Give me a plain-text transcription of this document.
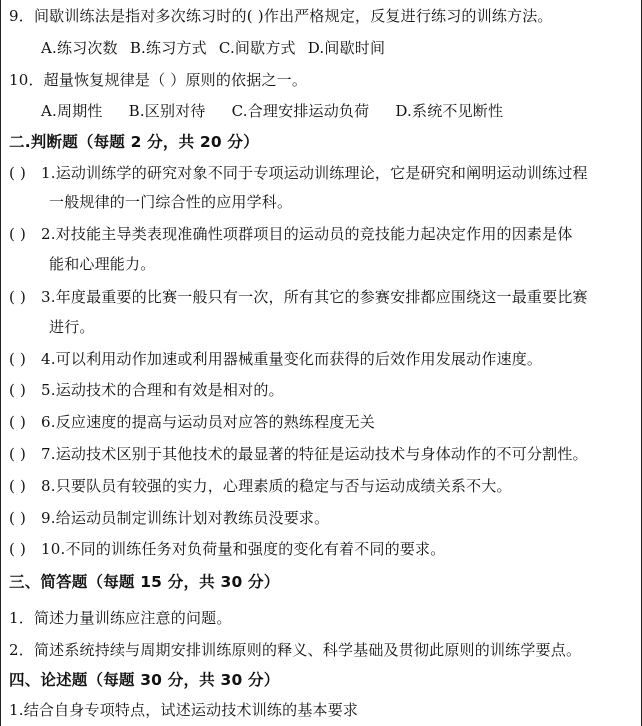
9．间歇训练法是指对多次练习时的( )作出严格规定，反复进行练习的训练方法。
A.练习次数 B.练习方式 C.间歇方式 D.间歇时间
10．超量恢复规律是（ ）原则的依据之一。
A.周期性 B.区别对待 C.合理安排运动负荷 D.系统不见断性
二.判断题（每题 2 分，共 20 分）
( ) 1.运动训练学的研究对象不同于专项运动训练理论，它是研究和阐明运动训练过程
一般规律的一门综合性的应用学科。
( ) 2.对技能主导类表现准确性项群项目的运动员的竞技能力起决定作用的因素是体
能和心理能力。
( ) 3.年度最重要的比赛一般只有一次，所有其它的参赛安排都应围绕这一最重要比赛
进行。
( ) 4.可以利用动作加速或利用器械重量变化而获得的后效作用发展动作速度。
( ) 5.运动技术的合理和有效是相对的。
( ) 6.反应速度的提高与运动员对应答的熟练程度无关
( ) 7.运动技术区别于其他技术的最显著的特征是运动技术与身体动作的不可分割性。
( ) 8.只要队员有较强的实力，心理素质的稳定与否与运动成绩关系不大。
( ) 9.给运动员制定训练计划对教练员没要求。
( ) 10.不同的训练任务对负荷量和强度的变化有着不同的要求。
三、简答题（每题 15 分，共 30 分）
1．简述力量训练应注意的问题。
2．简述系统持续与周期安排训练原则的释义、科学基础及贯彻此原则的训练学要点。
四、论述题（每题 30 分，共 30 分）
1.结合自身专项特点，试述运动技术训练的基本要求
